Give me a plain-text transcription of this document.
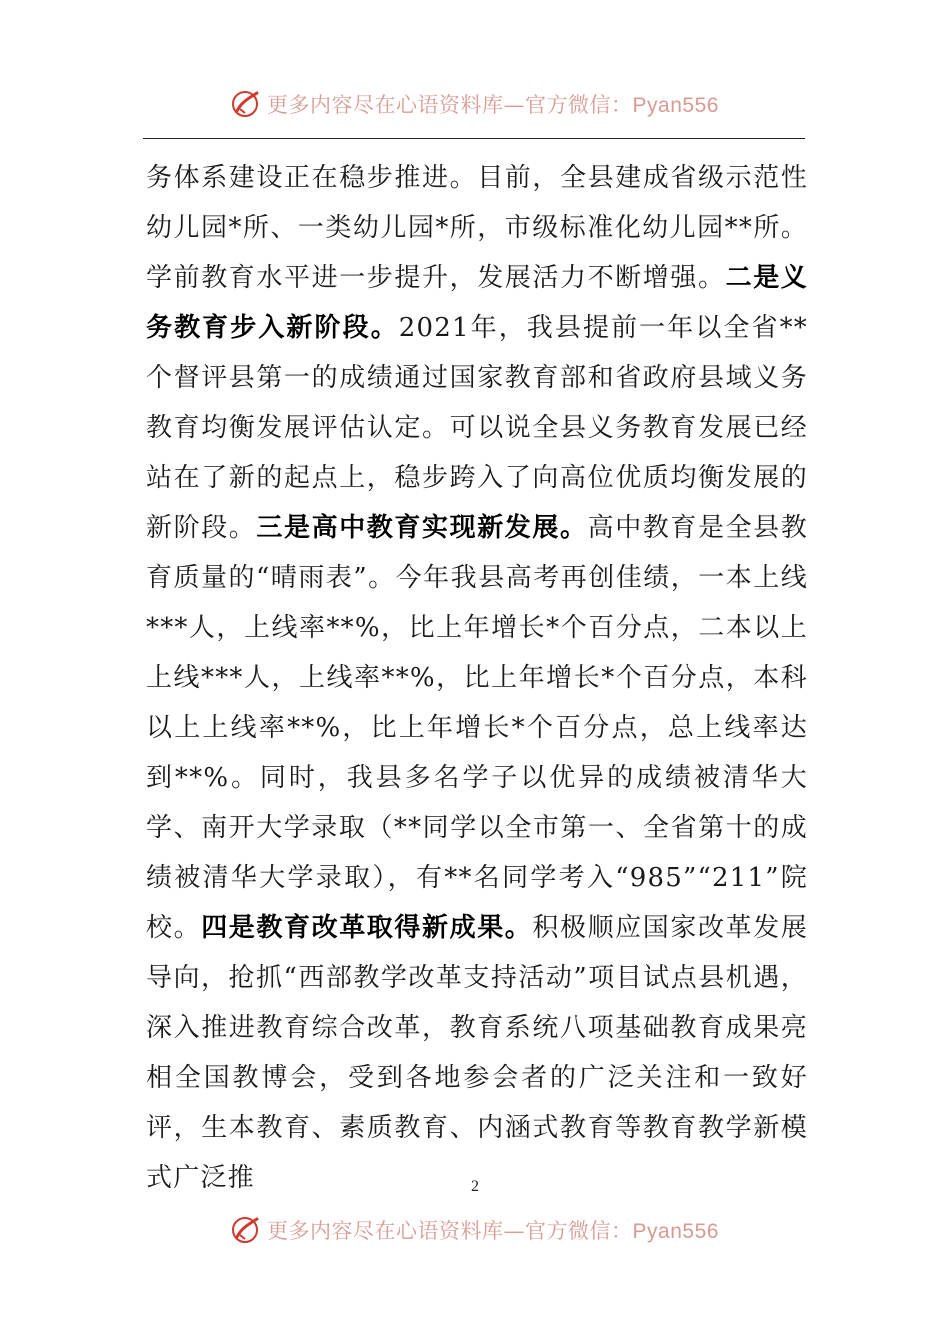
更多内容尽在心语资料库—官方微信：Pyan556

务体系建设正在稳步推进。目前，全县建成省级示范性幼儿园*所、一类幼儿园*所，市级标准化幼儿园**所。学前教育水平进一步提升，发展活力不断增强。二是义务教育步入新阶段。2021年，我县提前一年以全省**个督评县第一的成绩通过国家教育部和省政府县域义务教育均衡发展评估认定。可以说全县义务教育发展已经站在了新的起点上，稳步跨入了向高位优质均衡发展的新阶段。三是高中教育实现新发展。高中教育是全县教育质量的“晴雨表”。今年我县高考再创佳绩，一本上线***人，上线率**%，比上年增长*个百分点，二本以上上线***人，上线率**%，比上年增长*个百分点，本科以上上线率**%，比上年增长*个百分点，总上线率达到**%。同时，我县多名学子以优异的成绩被清华大学、南开大学录取（**同学以全市第一、全省第十的成绩被清华大学录取），有**名同学考入“985”“211”院校。四是教育改革取得新成果。积极顺应国家改革发展导向，抢抓“西部教学改革支持活动”项目试点县机遇，深入推进教育综合改革，教育系统八项基础教育成果亮相全国教博会，受到各地参会者的广泛关注和一致好评，生本教育、素质教育、内涵式教育等教育教学新模式广泛推	2
更多内容尽在心语资料库—官方微信：Pyan556
